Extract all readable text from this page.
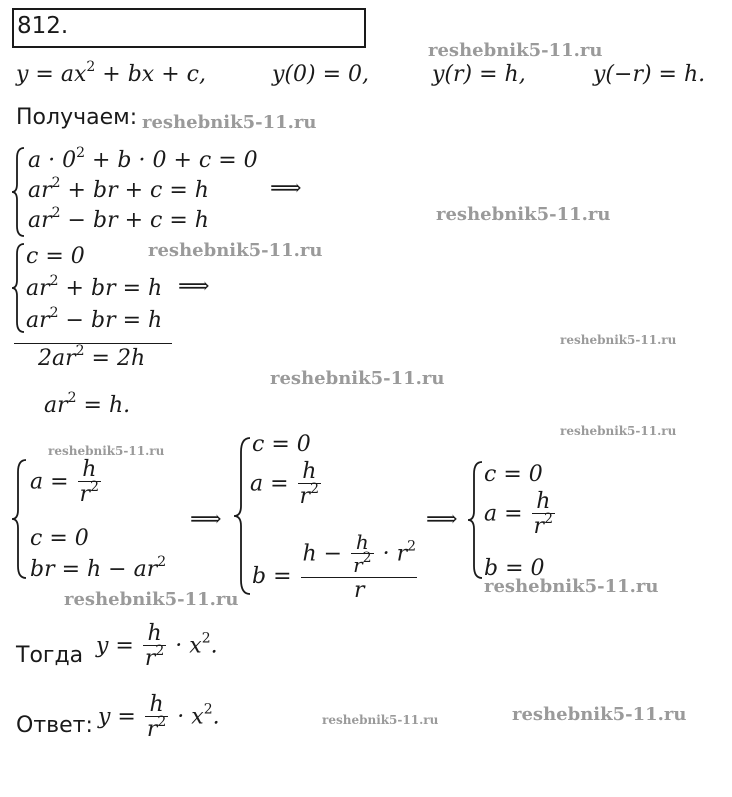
812.
$y = ax^2$ + bx + c,	y(0) = 0,	y(r) = h,	y(−r) = h.
Получаем:
$a \cdot 0^2 + b \cdot 0 + c = 0$
$ar^2$ + br + c = h
$ar^2$ − br + c = h
⟹
c = 0
$ar^2$ + br = h
$ar^2$ − br = h
⟹
$2ar^2 = 2h$
$ar^2 = h$.
$a = \frac{h}{r^2}$
c = 0
br = $h - ar^2$
⟹
c = 0
$a = \frac{h}{r^2}$
$b = \frac{h - \frac{h}{r^2} \cdot r^2}{r}$
⟹
c = 0
$a = \frac{h}{r^2}$
b = 0
Тогда $y = \frac{h}{r^2} \cdot x^2$.
Ответ: $y = \frac{h}{r^2} \cdot x^2$.
reshebnik5-11.ru
reshebnik5-11.ru
reshebnik5-11.ru
reshebnik5-11.ru
reshebnik5-11.ru
reshebnik5-11.ru
reshebnik5-11.ru
reshebnik5-11.ru
reshebnik5-11.ru
reshebnik5-11.ru
reshebnik5-11.ru	reshebnik5-11.ru
